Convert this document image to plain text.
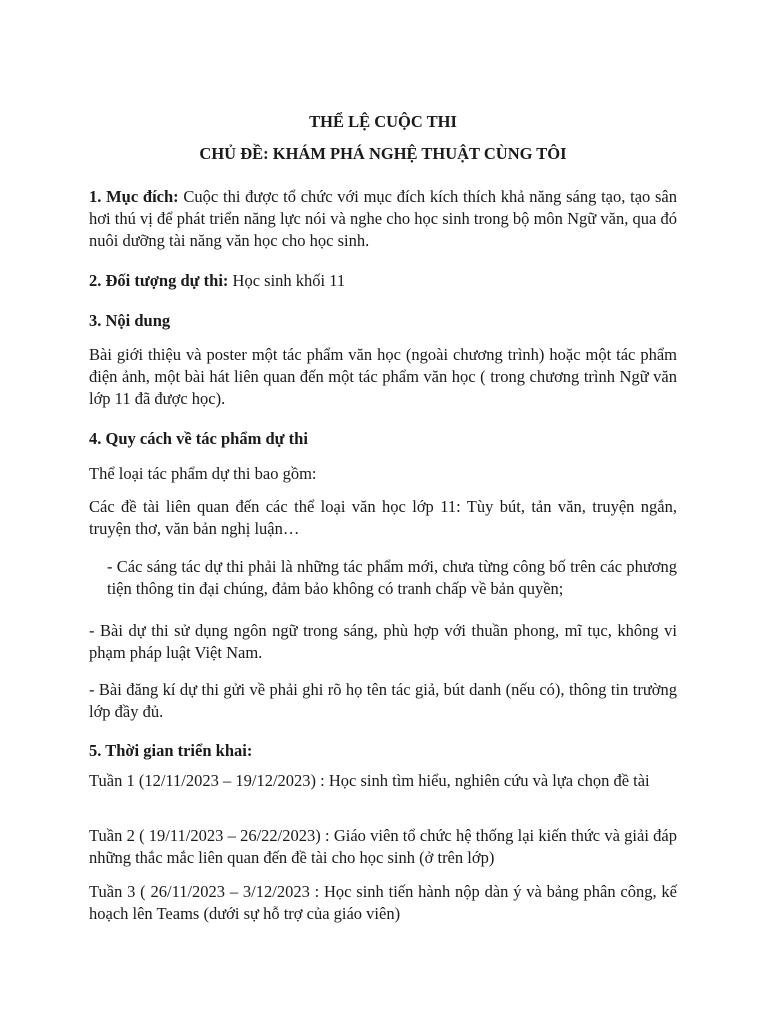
THỂ LỆ CUỘC THI
CHỦ ĐỀ: KHÁM PHÁ NGHỆ THUẬT CÙNG TÔI
1. Mục đích: Cuộc thi được tổ chức với mục đích kích thích khả năng sáng tạo, tạo sân hơi thú vị để phát triển năng lực nói và nghe cho học sinh trong bộ môn Ngữ văn, qua đó nuôi dưỡng tài năng văn học cho học sinh.
2. Đối tượng dự thi: Học sinh khối 11
3. Nội dung
Bài giới thiệu và poster một tác phẩm văn học (ngoài chương trình) hoặc một tác phẩm điện ảnh, một bài hát liên quan đến một tác phẩm văn học ( trong chương trình Ngữ văn lớp 11 đã được học).
4. Quy cách về tác phẩm dự thi
Thể loại tác phẩm dự thi bao gồm:
Các đề tài liên quan đến các thể loại văn học lớp 11: Tùy bút, tản văn, truyện ngắn, truyện thơ, văn bản nghị luận…
- Các sáng tác dự thi phải là những tác phẩm mới, chưa từng công bố trên các phương tiện thông tin đại chúng, đảm bảo không có tranh chấp về bản quyền;
- Bài dự thi sử dụng ngôn ngữ trong sáng, phù hợp với thuần phong, mĩ tục, không vi phạm pháp luật Việt Nam.
- Bài đăng kí dự thi gửi về phải ghi rõ họ tên tác giả, bút danh (nếu có), thông tin trường lớp đầy đủ.
5. Thời gian triển khai:
Tuần 1 (12/11/2023 – 19/12/2023) : Học sinh tìm hiểu, nghiên cứu và lựa chọn đề tài
Tuần 2 ( 19/11/2023 – 26/22/2023) : Giáo viên tổ chức hệ thống lại kiến thức và giải đáp những thắc mắc liên quan đến đề tài cho học sinh (ở trên lớp)
Tuần 3 ( 26/11/2023 – 3/12/2023 : Học sinh tiến hành nộp dàn ý và bảng phân công, kế hoạch lên Teams (dưới sự hỗ trợ của giáo viên)
